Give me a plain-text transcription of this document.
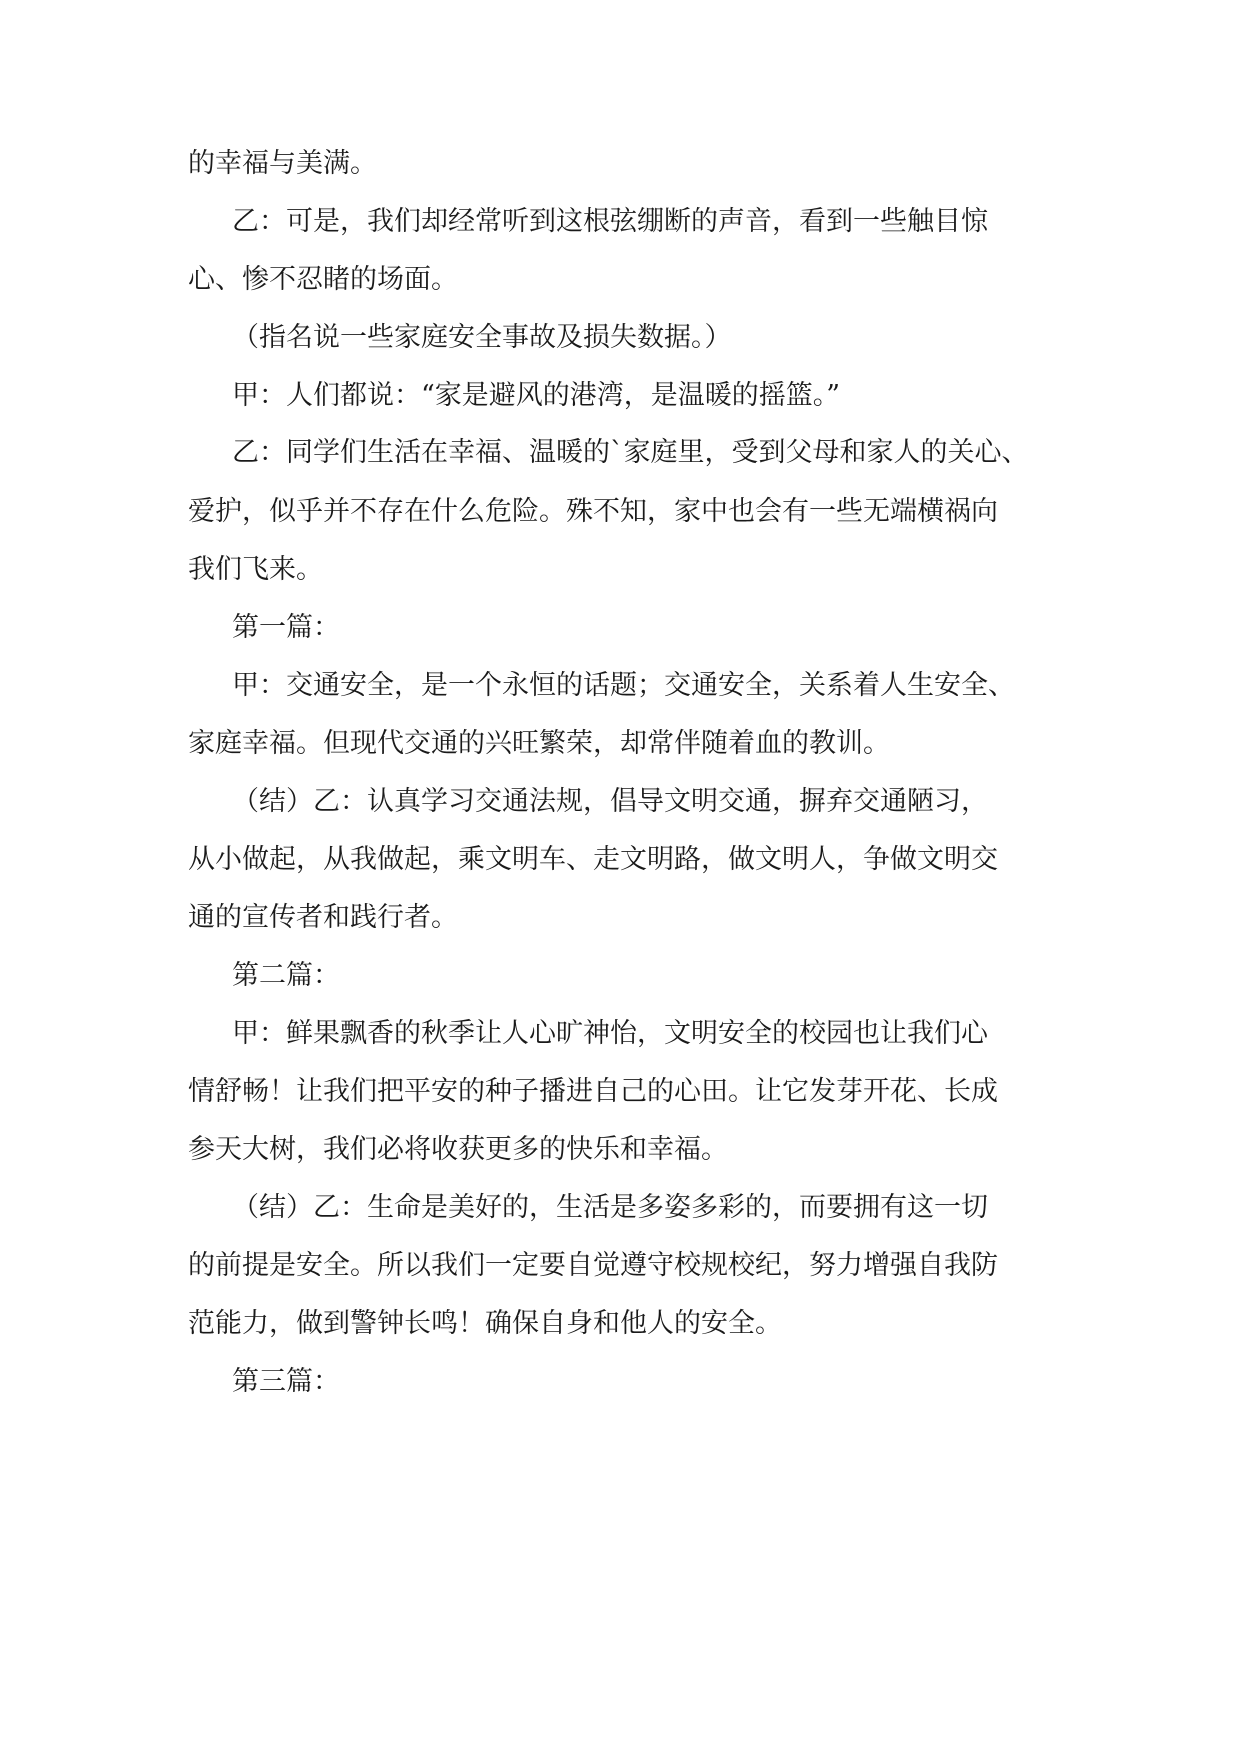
的幸福与美满。
乙：可是，我们却经常听到这根弦绷断的声音，看到一些触目惊
心、惨不忍睹的场面。
（指名说一些家庭安全事故及损失数据。）
甲：人们都说：“家是避风的港湾，是温暖的摇篮。”
乙：同学们生活在幸福、温暖的`家庭里，受到父母和家人的关心、
爱护，似乎并不存在什么危险。殊不知，家中也会有一些无端横祸向
我们飞来。
第一篇：
甲：交通安全，是一个永恒的话题；交通安全，关系着人生安全、
家庭幸福。但现代交通的兴旺繁荣，却常伴随着血的教训。
（结）乙：认真学习交通法规，倡导文明交通，摒弃交通陋习，
从小做起，从我做起，乘文明车、走文明路，做文明人，争做文明交
通的宣传者和践行者。
第二篇：
甲：鲜果飘香的秋季让人心旷神怡，文明安全的校园也让我们心
情舒畅！让我们把平安的种子播进自己的心田。让它发芽开花、长成
参天大树，我们必将收获更多的快乐和幸福。
（结）乙：生命是美好的，生活是多姿多彩的，而要拥有这一切
的前提是安全。所以我们一定要自觉遵守校规校纪，努力增强自我防
范能力，做到警钟长鸣！确保自身和他人的安全。
第三篇：
